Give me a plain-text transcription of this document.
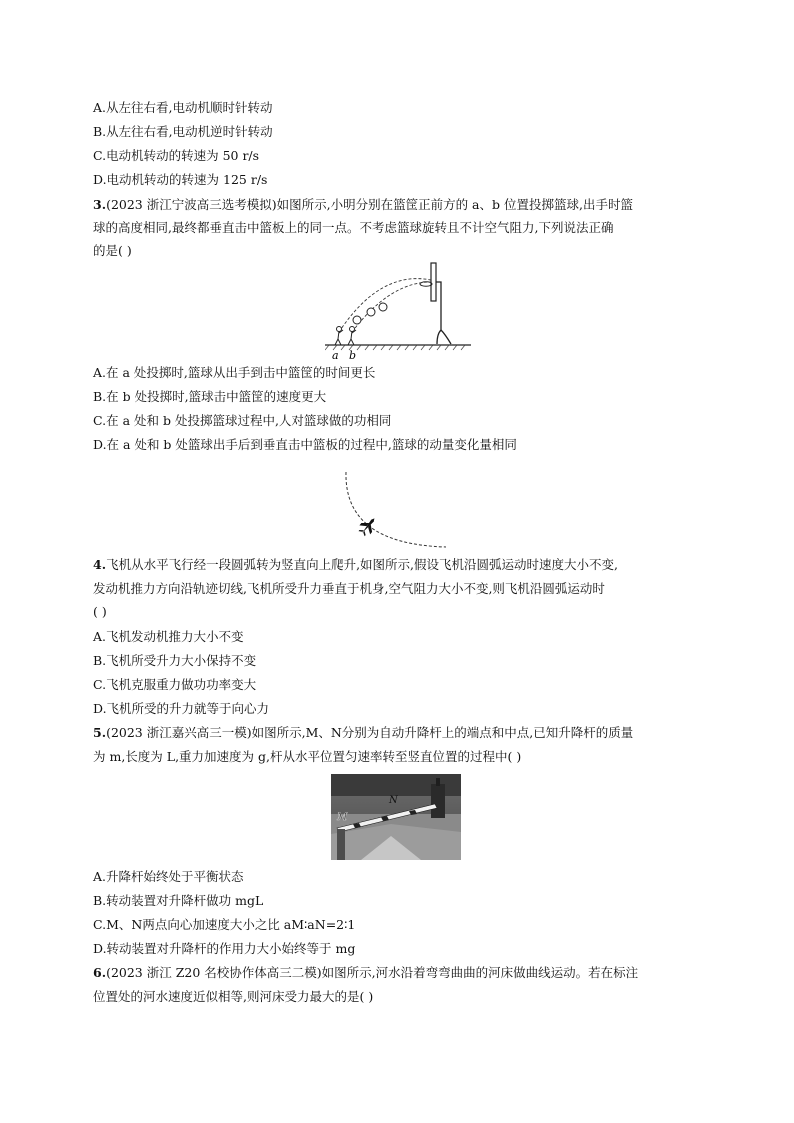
A.从左往右看,电动机顺时针转动
B.从左往右看,电动机逆时针转动
C.电动机转动的转速为 50 r/s
D.电动机转动的转速为 125 r/s
3.(2023 浙江宁波高三选考模拟)如图所示,小明分别在篮筐正前方的 a、b 位置投掷篮球,出手时篮
球的高度相同,最终都垂直击中篮板上的同一点。不考虑篮球旋转且不计空气阻力,下列说法正确
的是( )
a b
A.在 a 处投掷时,篮球从出手到击中篮筐的时间更长
B.在 b 处投掷时,篮球击中篮筐的速度更大
C.在 a 处和 b 处投掷篮球过程中,人对篮球做的功相同
D.在 a 处和 b 处篮球出手后到垂直击中篮板的过程中,篮球的动量变化量相同
4.飞机从水平飞行经一段圆弧转为竖直向上爬升,如图所示,假设飞机沿圆弧运动时速度大小不变,
发动机推力方向沿轨迹切线,飞机所受升力垂直于机身,空气阻力大小不变,则飞机沿圆弧运动时
( )
A.飞机发动机推力大小不变
B.飞机所受升力大小保持不变
C.飞机克服重力做功功率变大
D.飞机所受的升力就等于向心力
5.(2023 浙江嘉兴高三一模)如图所示,M、N分别为自动升降杆上的端点和中点,已知升降杆的质量
为 m,长度为 L,重力加速度为 g,杆从水平位置匀速率转至竖直位置的过程中( )
M
N
A.升降杆始终处于平衡状态
B.转动装置对升降杆做功 mgL
C.M、N两点向心加速度大小之比 aM∶aN=2∶1
D.转动装置对升降杆的作用力大小始终等于 mg
6.(2023 浙江 Z20 名校协作体高三二模)如图所示,河水沿着弯弯曲曲的河床做曲线运动。若在标注
位置处的河水速度近似相等,则河床受力最大的是( )
